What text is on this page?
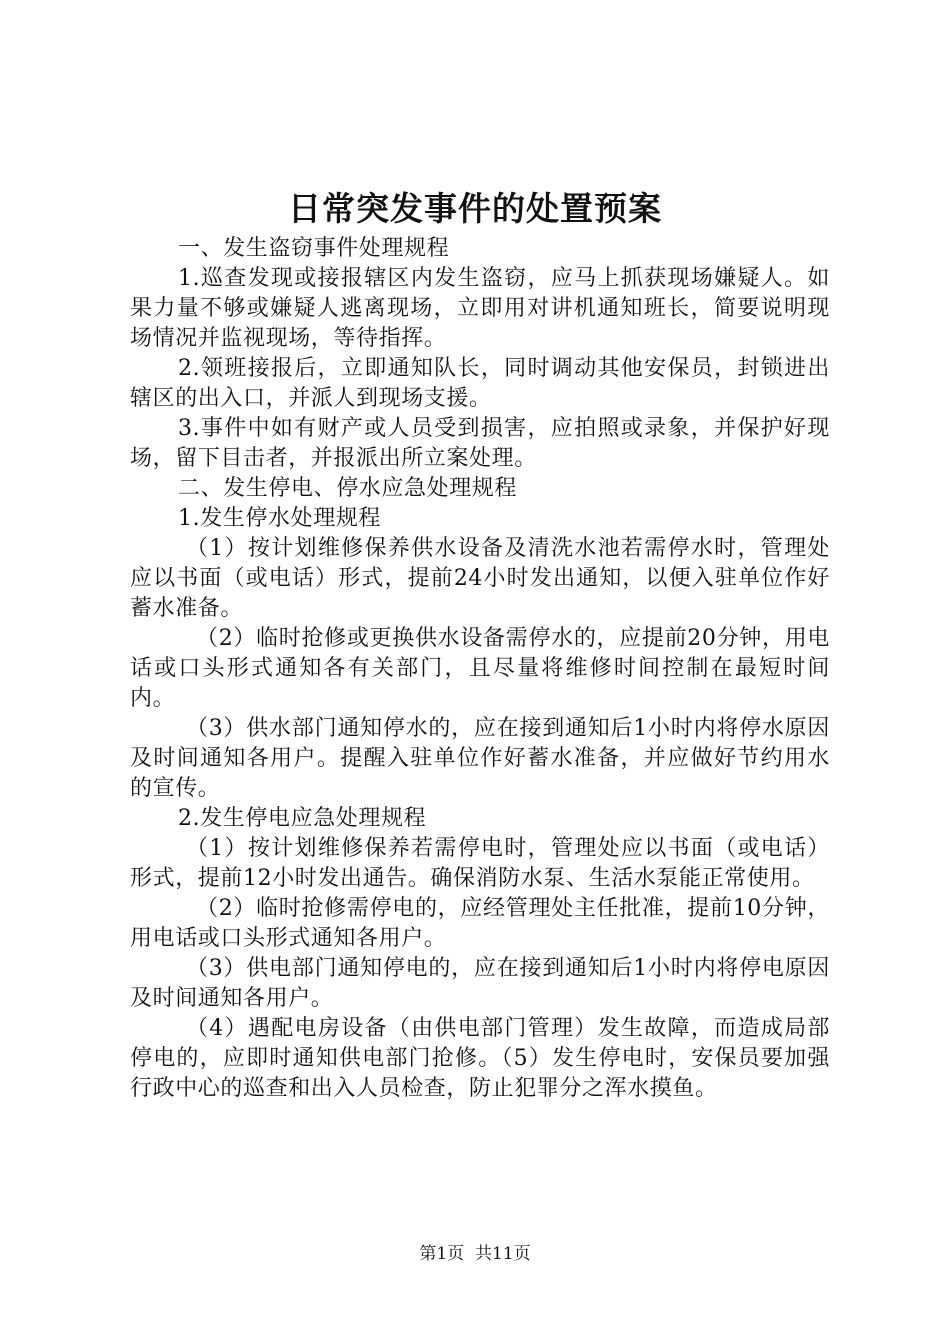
日常突发事件的处置预案

一、发生盗窃事件处理规程

1.巡查发现或接报辖区内发生盗窃，应马上抓获现场嫌疑人。如果力量不够或嫌疑人逃离现场，立即用对讲机通知班长，简要说明现场情况并监视现场，等待指挥。

2.领班接报后，立即通知队长，同时调动其他安保员，封锁进出辖区的出入口，并派人到现场支援。

3.事件中如有财产或人员受到损害，应拍照或录象，并保护好现场，留下目击者，并报派出所立案处理。

二、发生停电、停水应急处理规程

1.发生停水处理规程

（1）按计划维修保养供水设备及清洗水池若需停水时，管理处应以书面（或电话）形式，提前24小时发出通知，以便入驻单位作好蓄水准备。

（2）临时抢修或更换供水设备需停水的，应提前20分钟，用电话或口头形式通知各有关部门，且尽量将维修时间控制在最短时间内。

（3）供水部门通知停水的，应在接到通知后1小时内将停水原因及时间通知各用户。提醒入驻单位作好蓄水准备，并应做好节约用水的宣传。

2.发生停电应急处理规程

（1）按计划维修保养若需停电时，管理处应以书面（或电话）形式，提前12小时发出通告。确保消防水泵、生活水泵能正常使用。

（2）临时抢修需停电的，应经管理处主任批准，提前10分钟，用电话或口头形式通知各用户。

（3）供电部门通知停电的，应在接到通知后1小时内将停电原因及时间通知各用户。

（4）遇配电房设备（由供电部门管理）发生故障，而造成局部停电的，应即时通知供电部门抢修。（5）发生停电时，安保员要加强行政中心的巡查和出入人员检查，防止犯罪分之浑水摸鱼。

第1页 共11页
